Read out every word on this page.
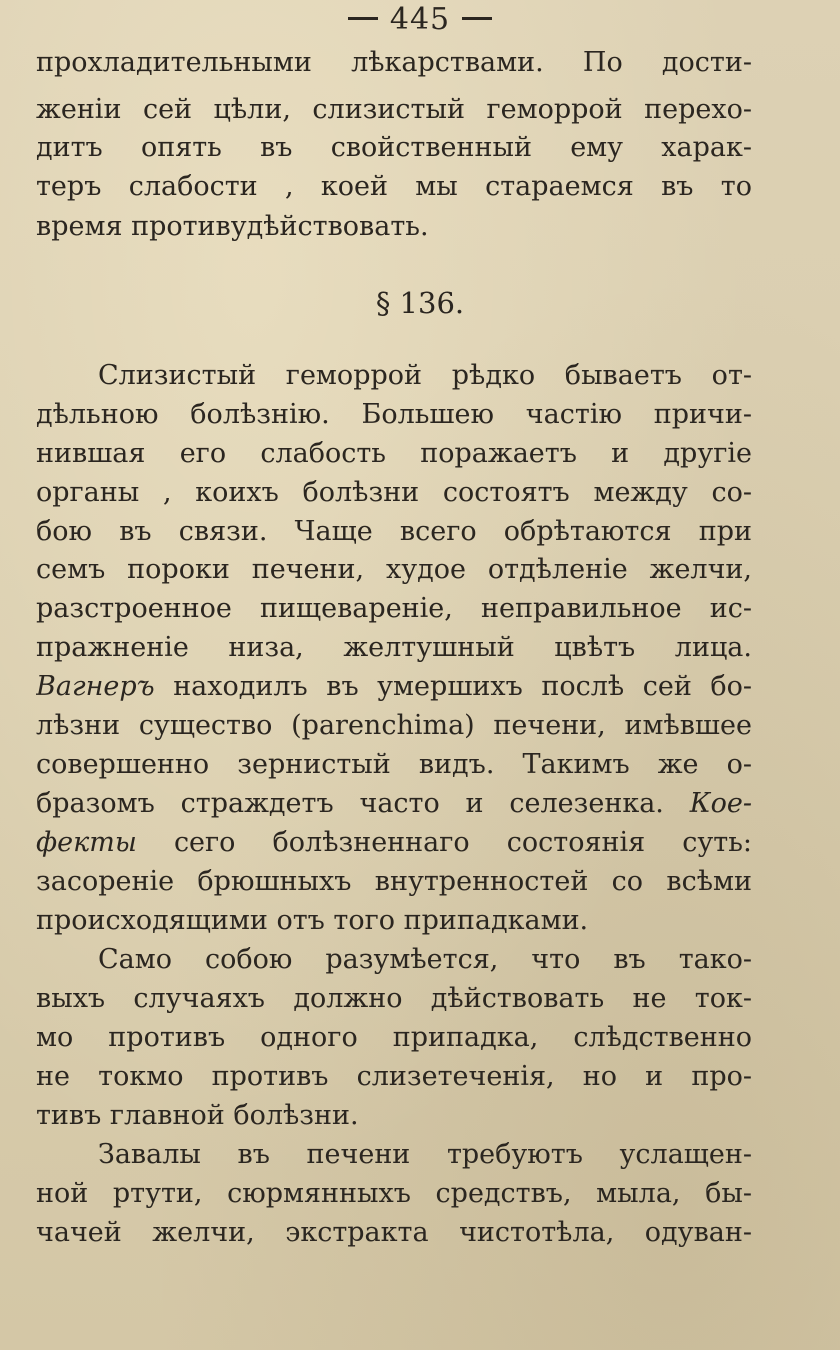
445
прохладительными лѣкарствами. По дости-
женіи сей цѣли, слизистый геморрой перехо-
дитъ опять въ свойственный ему харак-
теръ слабости , коей мы стараемся въ то
время противудѣйствовать.
§ 136.
Слизистый геморрой рѣдко бываетъ от-
дѣльною болѣзнію. Большею частію причи-
нившая его слабость поражаетъ и другіе
органы , коихъ болѣзни состоятъ между со-
бою въ связи. Чаще всего обрѣтаются при
семъ пороки печени, худое отдѣленіе желчи,
разстроенное пищевареніе, неправильное ис-
пражненіе низа, желтушный цвѣтъ лица.
Вагнеръ находилъ въ умершихъ послѣ сей бо-
лѣзни существо (parenchima) печени, имѣвшее
совершенно зернистый видъ. Такимъ же о-
бразомъ страждетъ часто и селезенка. Кое-
фекты сего болѣзненнаго состоянія суть:
засореніе брюшныхъ внутренностей со всѣми
происходящими отъ того припадками.
Само собою разумѣется, что въ тако-
выхъ случаяхъ должно дѣйствовать не ток-
мо противъ одного припадка, слѣдственно
не токмо противъ слизетеченія, но и про-
тивъ главной болѣзни.
Завалы въ печени требуютъ услащен-
ной ртути, сюрмянныхъ средствъ, мыла, бы-
чачей желчи, экстракта чистотѣла, одуван-
